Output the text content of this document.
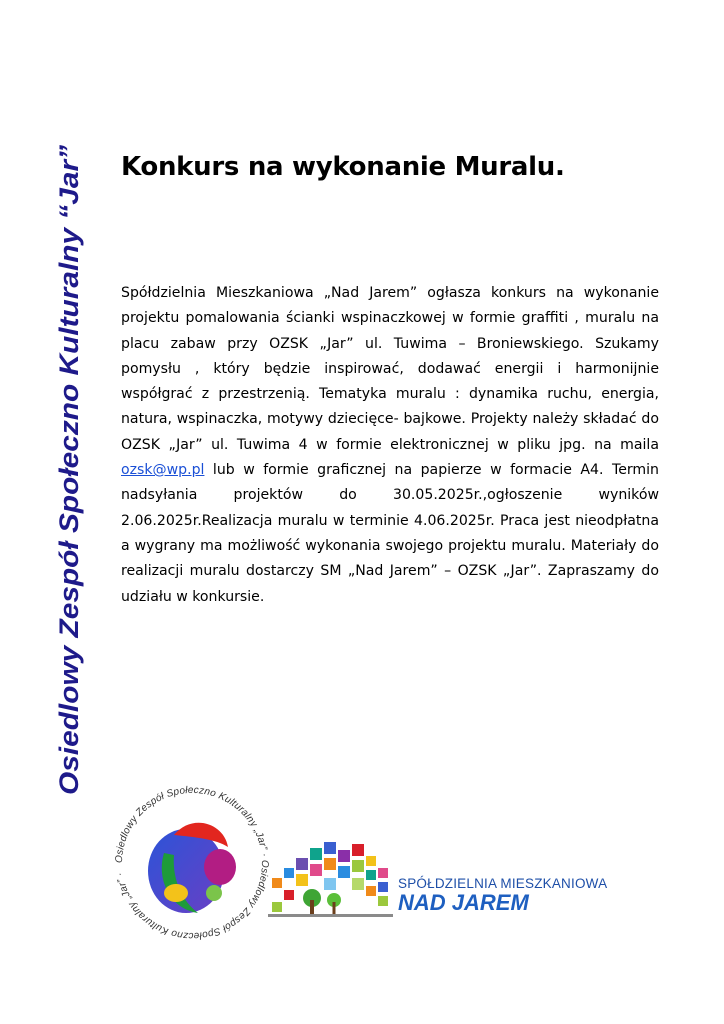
Osiedlowy Zespół Społeczno Kulturalny “Jar”
Konkurs na wykonanie Muralu.

Spółdzielnia Mieszkaniowa „Nad Jarem” ogłasza konkurs na wykonanie projektu pomalowania ścianki wspinaczkowej w formie graffiti , muralu na placu zabaw przy OZSK „Jar” ul. Tuwima – Broniewskiego. Szukamy pomysłu , który będzie inspirować, dodawać energii i harmonijnie współgrać z przestrzenią. Tematyka muralu : dynamika ruchu, energia, natura, wspinaczka, motywy dziecięce- bajkowe. Projekty należy składać do OZSK „Jar” ul. Tuwima 4 w formie elektronicznej w pliku jpg. na maila ozsk@wp.pl lub w formie graficznej na papierze w formacie A4. Termin nadsyłania projektów do 30.05.2025r.,ogłoszenie wyników 2.06.2025r.Realizacja muralu w terminie 4.06.2025r. Praca jest nieodpłatna a wygrany ma możliwość wykonania swojego projektu muralu. Materiały do realizacji muralu dostarczy SM „Nad Jarem” – OZSK „Jar”. Zapraszamy do udziału w konkursie.

Osiedlowy Zespół Społeczno Kulturalny „Jar” · Osiedlowy Zespół Społeczno Kulturalny „Jar” ·
SPÓŁDZIELNIA MIESZKANIOWA
NAD JAREM
